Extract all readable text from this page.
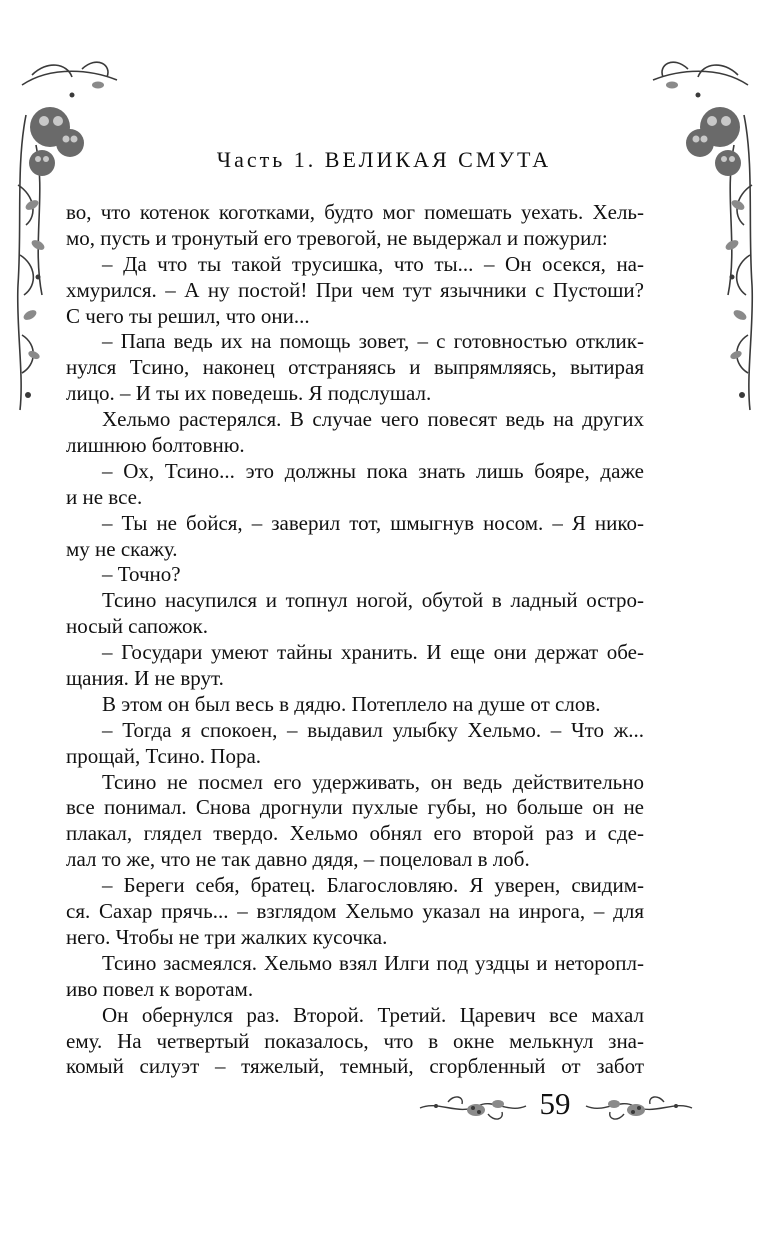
Часть 1. ВЕЛИКАЯ СМУТА
во, что котенок коготками, будто мог помешать уехать. Хель-
мо, пусть и тронутый его тревогой, не выдержал и пожурил:
– Да что ты такой трусишка, что ты... – Он осекся, на-
хмурился. – А ну постой! При чем тут язычники с Пустоши?
С чего ты решил, что они...
– Папа ведь их на помощь зовет, – с готовностью отклик-
нулся Тсино, наконец отстраняясь и выпрямляясь, вытирая
лицо. – И ты их поведешь. Я подслушал.
Хельмо растерялся. В случае чего повесят ведь на других
лишнюю болтовню.
– Ох, Тсино... это должны пока знать лишь бояре, даже
и не все.
– Ты не бойся, – заверил тот, шмыгнув носом. – Я нико-
му не скажу.
– Точно?
Тсино насупился и топнул ногой, обутой в ладный остро-
носый сапожок.
– Государи умеют тайны хранить. И еще они держат обе-
щания. И не врут.
В этом он был весь в дядю. Потеплело на душе от слов.
– Тогда я спокоен, – выдавил улыбку Хельмо. – Что ж...
прощай, Тсино. Пора.
Тсино не посмел его удерживать, он ведь действительно
все понимал. Снова дрогнули пухлые губы, но больше он не
плакал, глядел твердо. Хельмо обнял его второй раз и сде-
лал то же, что не так давно дядя, – поцеловал в лоб.
– Береги себя, братец. Благословляю. Я уверен, свидим-
ся. Сахар прячь... – взглядом Хельмо указал на инрога, – для
него. Чтобы не три жалких кусочка.
Тсино засмеялся. Хельмо взял Илги под уздцы и неторопл-
иво повел к воротам.
Он обернулся раз. Второй. Третий. Царевич все махал
ему. На четвертый показалось, что в окне мелькнул зна-
комый силуэт – тяжелый, темный, сгорбленный от забот
59
